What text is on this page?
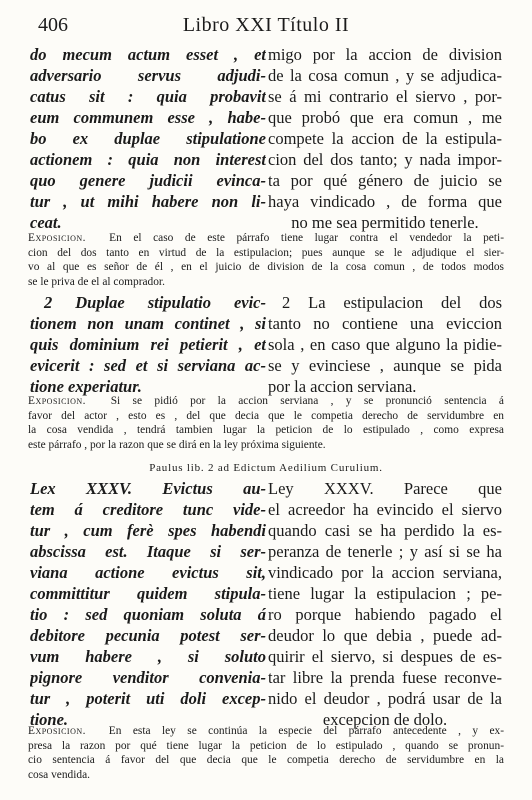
406	Libro XXI Título II
do mecum actum esset , et
adversario servus adjudi-
catus sit : quia probavit
eum communem esse , habe-
bo ex duplae stipulatione
actionem : quia non interest
quo genere judicii evinca-
tur , ut mihi habere non li-
ceat.
migo por la accion de division
de la cosa comun , y se adjudica-
se á mi contrario el siervo , por-
que probó que era comun , me
compete la accion de la estipula-
cion del dos tanto; y nada impor-
ta por qué género de juicio se
haya vindicado , de forma que
no me sea permitido tenerle.
Exposicion. En el caso de este párrafo tiene lugar contra el vendedor la peti-
cion del dos tanto en virtud de la estipulacion; pues aunque se le adjudique el sier-
vo al que es señor de él , en el juicio de division de la cosa comun , de todos modos
se le priva de el al comprador.
2 Duplae stipulatio evic-
tionem non unam continet , si
quis dominium rei petierit , et
evicerit : sed et si serviana ac-
tione experiatur.
2 La estipulacion del dos
tanto no contiene una eviccion
sola , en caso que alguno la pidie-
se y evinciese , aunque se pida
por la accion serviana.
Exposicion. Si se pidió por la accion serviana , y se pronunció sentencia á
favor del actor , esto es , del que decia que le competia derecho de servidumbre en
la cosa vendida , tendrá tambien lugar la peticion de lo estipulado , como expresa
este párrafo , por la razon que se dirá en la ley próxima siguiente.
Paulus lib. 2 ad Edictum Aedilium Curulium.
Lex XXXV. Evictus au-
tem á creditore tunc vide-
tur , cum ferè spes habendi
abscissa est. Itaque si ser-
viana actione evictus sit,
committitur quidem stipula-
tio : sed quoniam soluta á
debitore pecunia potest ser-
vum habere , si soluto
pignore venditor convenia-
tur , poterit uti doli excep-
tione.
Ley XXXV. Parece que
el acreedor ha evincido el siervo
quando casi se ha perdido la es-
peranza de tenerle ; y así si se ha
vindicado por la accion serviana,
tiene lugar la estipulacion ; pe-
ro porque habiendo pagado el
deudor lo que debia , puede ad-
quirir el siervo, si despues de es-
tar libre la prenda fuese reconve-
nido el deudor , podrá usar de la
excepcion de dolo.
Exposicion. En esta ley se continúa la especie del párrafo antecedente , y ex-
presa la razon por qué tiene lugar la peticion de lo estipulado , quando se pronun-
cio sentencia á favor del que decia que le competia derecho de servidumbre en la
cosa vendida.
